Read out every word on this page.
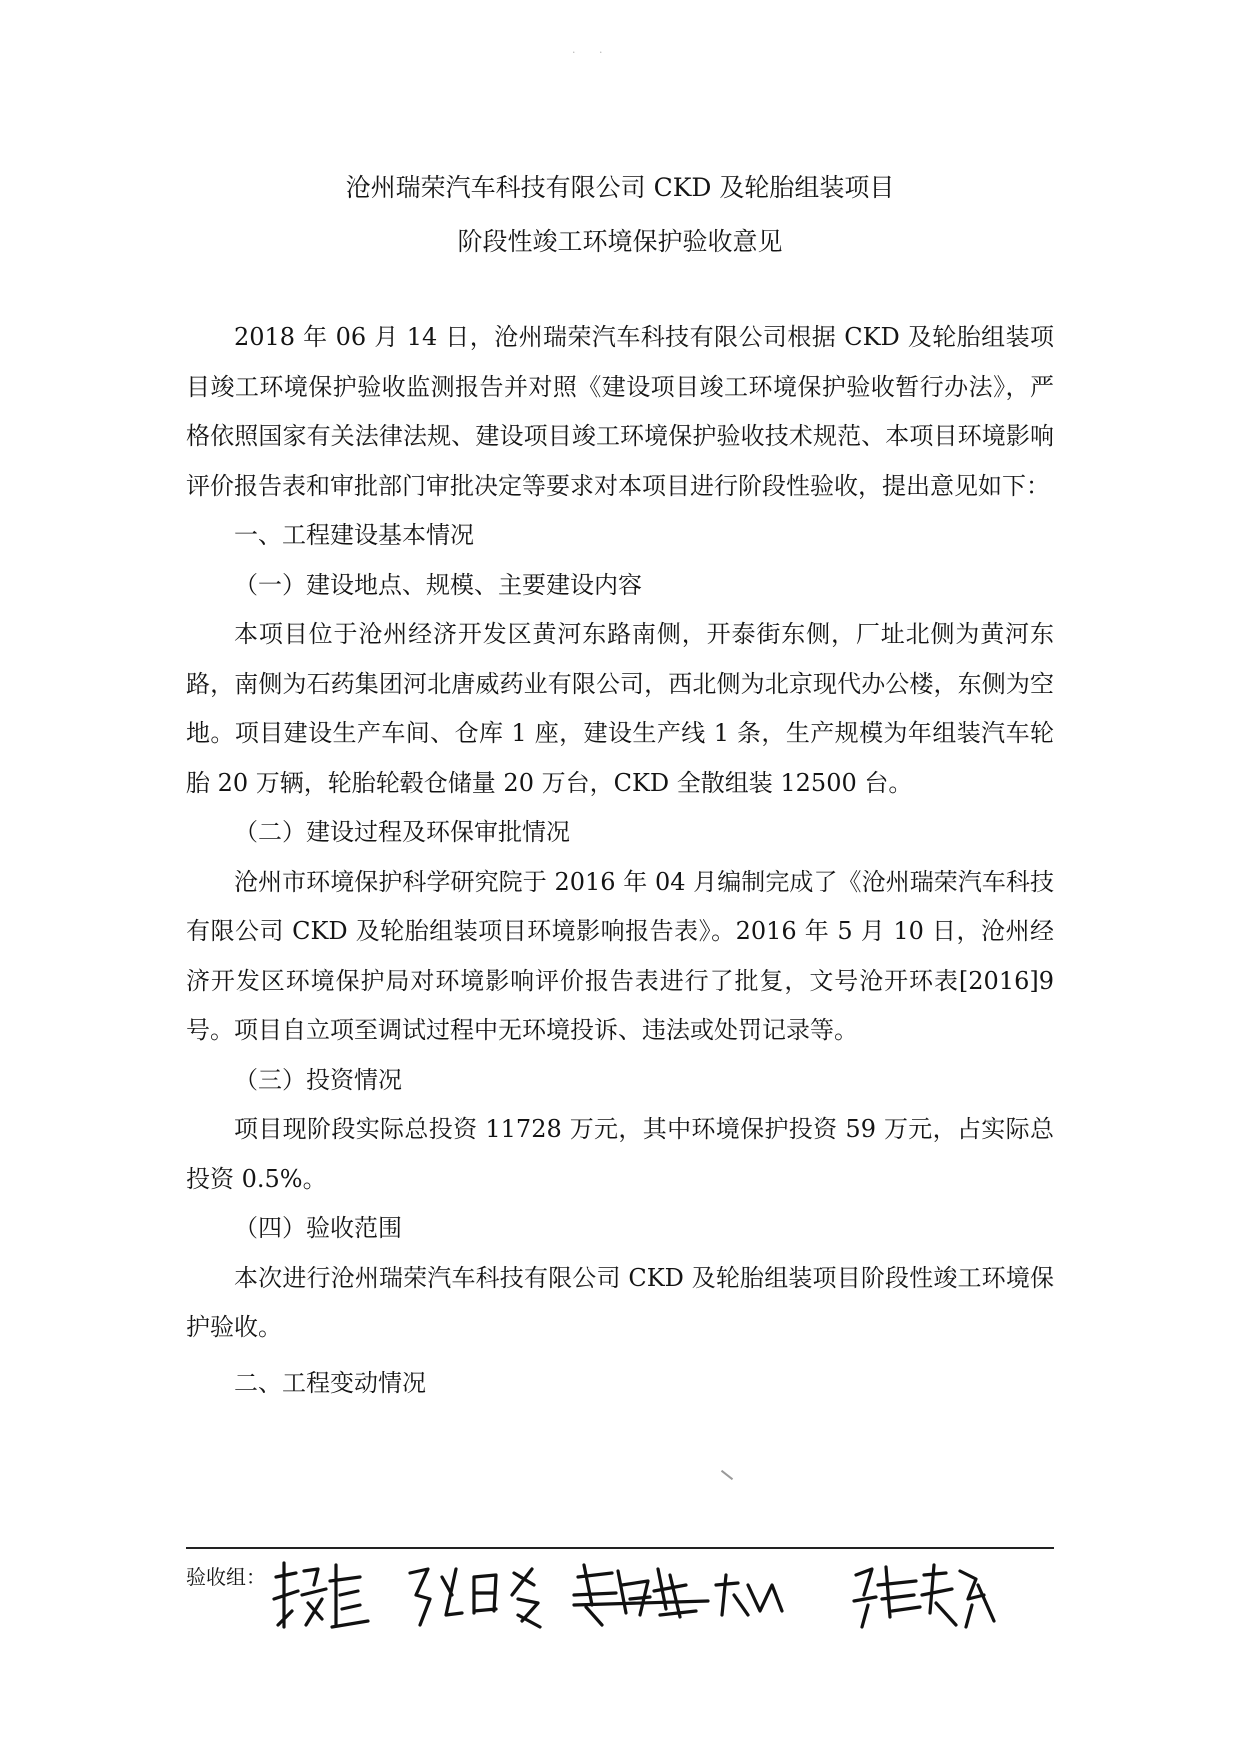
· ·
沧州瑞荣汽车科技有限公司 CKD 及轮胎组装项目
阶段性竣工环境保护验收意见

2018 年 06 月 14 日，沧州瑞荣汽车科技有限公司根据 CKD 及轮胎组装项目竣工环境保护验收监测报告并对照《建设项目竣工环境保护验收暂行办法》，严格依照国家有关法律法规、建设项目竣工环境保护验收技术规范、本项目环境影响评价报告表和审批部门审批决定等要求对本项目进行阶段性验收，提出意见如下：

一、工程建设基本情况
（一）建设地点、规模、主要建设内容

本项目位于沧州经济开发区黄河东路南侧，开泰街东侧，厂址北侧为黄河东路，南侧为石药集团河北唐威药业有限公司，西北侧为北京现代办公楼，东侧为空地。项目建设生产车间、仓库 1 座，建设生产线 1 条，生产规模为年组装汽车轮胎 20 万辆，轮胎轮毂仓储量 20 万台，CKD 全散组装 12500 台。

（二）建设过程及环保审批情况

沧州市环境保护科学研究院于 2016 年 04 月编制完成了《沧州瑞荣汽车科技有限公司 CKD 及轮胎组装项目环境影响报告表》。2016 年 5 月 10 日，沧州经济开发区环境保护局对环境影响评价报告表进行了批复，文号沧开环表[2016]9 号。项目自立项至调试过程中无环境投诉、违法或处罚记录等。

（三）投资情况

项目现阶段实际总投资 11728 万元，其中环境保护投资 59 万元，占实际总投资 0.5%。

（四）验收范围

本次进行沧州瑞荣汽车科技有限公司 CKD 及轮胎组装项目阶段性竣工环境保护验收。

二、工程变动情况
验收组：
